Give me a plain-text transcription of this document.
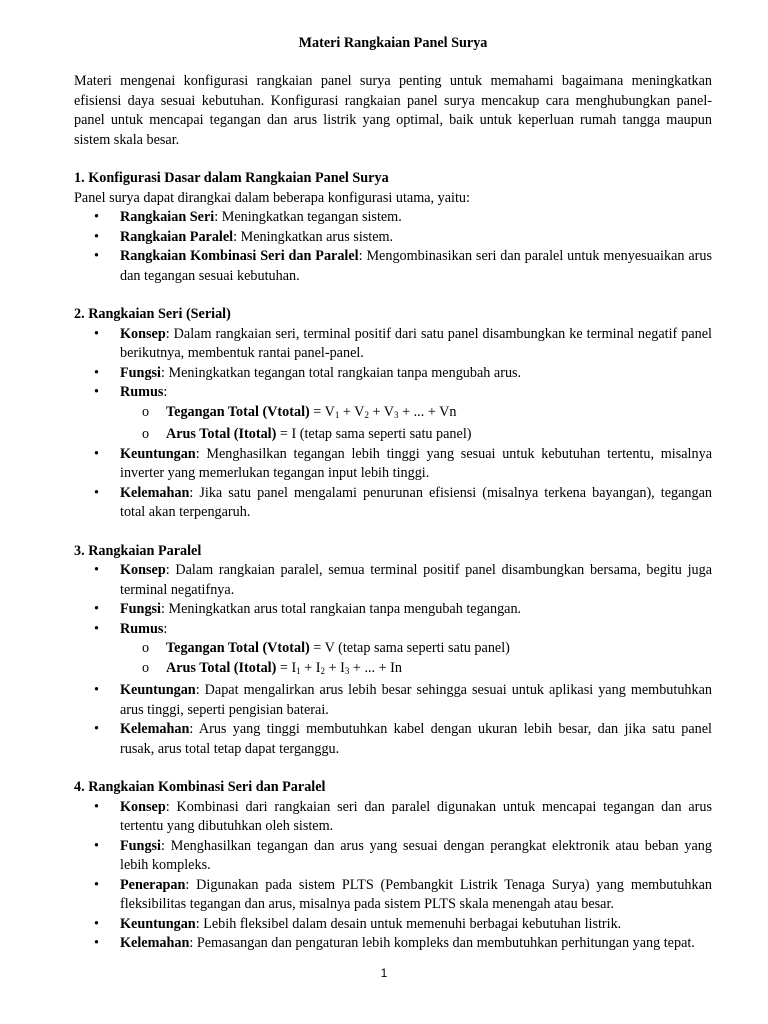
Materi Rangkaian Panel Surya

Materi mengenai konfigurasi rangkaian panel surya penting untuk memahami bagaimana meningkatkan efisiensi daya sesuai kebutuhan. Konfigurasi rangkaian panel surya mencakup cara menghubungkan panel-panel untuk mencapai tegangan dan arus listrik yang optimal, baik untuk keperluan rumah tangga maupun sistem skala besar.

1. Konfigurasi Dasar dalam Rangkaian Panel Surya

Panel surya dapat dirangkai dalam beberapa konfigurasi utama, yaitu:

• Rangkaian Seri: Meningkatkan tegangan sistem.
• Rangkaian Paralel: Meningkatkan arus sistem.
• Rangkaian Kombinasi Seri dan Paralel: Mengombinasikan seri dan paralel untuk menyesuaikan arus dan tegangan sesuai kebutuhan.
2. Rangkaian Seri (Serial)
• Konsep: Dalam rangkaian seri, terminal positif dari satu panel disambungkan ke terminal negatif panel berikutnya, membentuk rantai panel-panel.
• Fungsi: Meningkatkan tegangan total rangkaian tanpa mengubah arus.
• Rumus:
o Tegangan Total (Vtotal) = $V_1 + V_2 + V_3$ + ... + Vn
o Arus Total (Itotal) = I (tetap sama seperti satu panel)
• Keuntungan: Menghasilkan tegangan lebih tinggi yang sesuai untuk kebutuhan tertentu, misalnya inverter yang memerlukan tegangan input lebih tinggi.
• Kelemahan: Jika satu panel mengalami penurunan efisiensi (misalnya terkena bayangan), tegangan total akan terpengaruh.
3. Rangkaian Paralel
• Konsep: Dalam rangkaian paralel, semua terminal positif panel disambungkan bersama, begitu juga terminal negatifnya.
• Fungsi: Meningkatkan arus total rangkaian tanpa mengubah tegangan.
• Rumus:
o Tegangan Total (Vtotal) = V (tetap sama seperti satu panel)
o Arus Total (Itotal) = $I_1 + I_2 + I_3$ + ... + In
• Keuntungan: Dapat mengalirkan arus lebih besar sehingga sesuai untuk aplikasi yang membutuhkan arus tinggi, seperti pengisian baterai.
• Kelemahan: Arus yang tinggi membutuhkan kabel dengan ukuran lebih besar, dan jika satu panel rusak, arus total tetap dapat terganggu.
4. Rangkaian Kombinasi Seri dan Paralel
• Konsep: Kombinasi dari rangkaian seri dan paralel digunakan untuk mencapai tegangan dan arus tertentu yang dibutuhkan oleh sistem.
• Fungsi: Menghasilkan tegangan dan arus yang sesuai dengan perangkat elektronik atau beban yang lebih kompleks.
• Penerapan: Digunakan pada sistem PLTS (Pembangkit Listrik Tenaga Surya) yang membutuhkan fleksibilitas tegangan dan arus, misalnya pada sistem PLTS skala menengah atau besar.
• Keuntungan: Lebih fleksibel dalam desain untuk memenuhi berbagai kebutuhan listrik.
• Kelemahan: Pemasangan dan pengaturan lebih kompleks dan membutuhkan perhitungan yang tepat.
1
